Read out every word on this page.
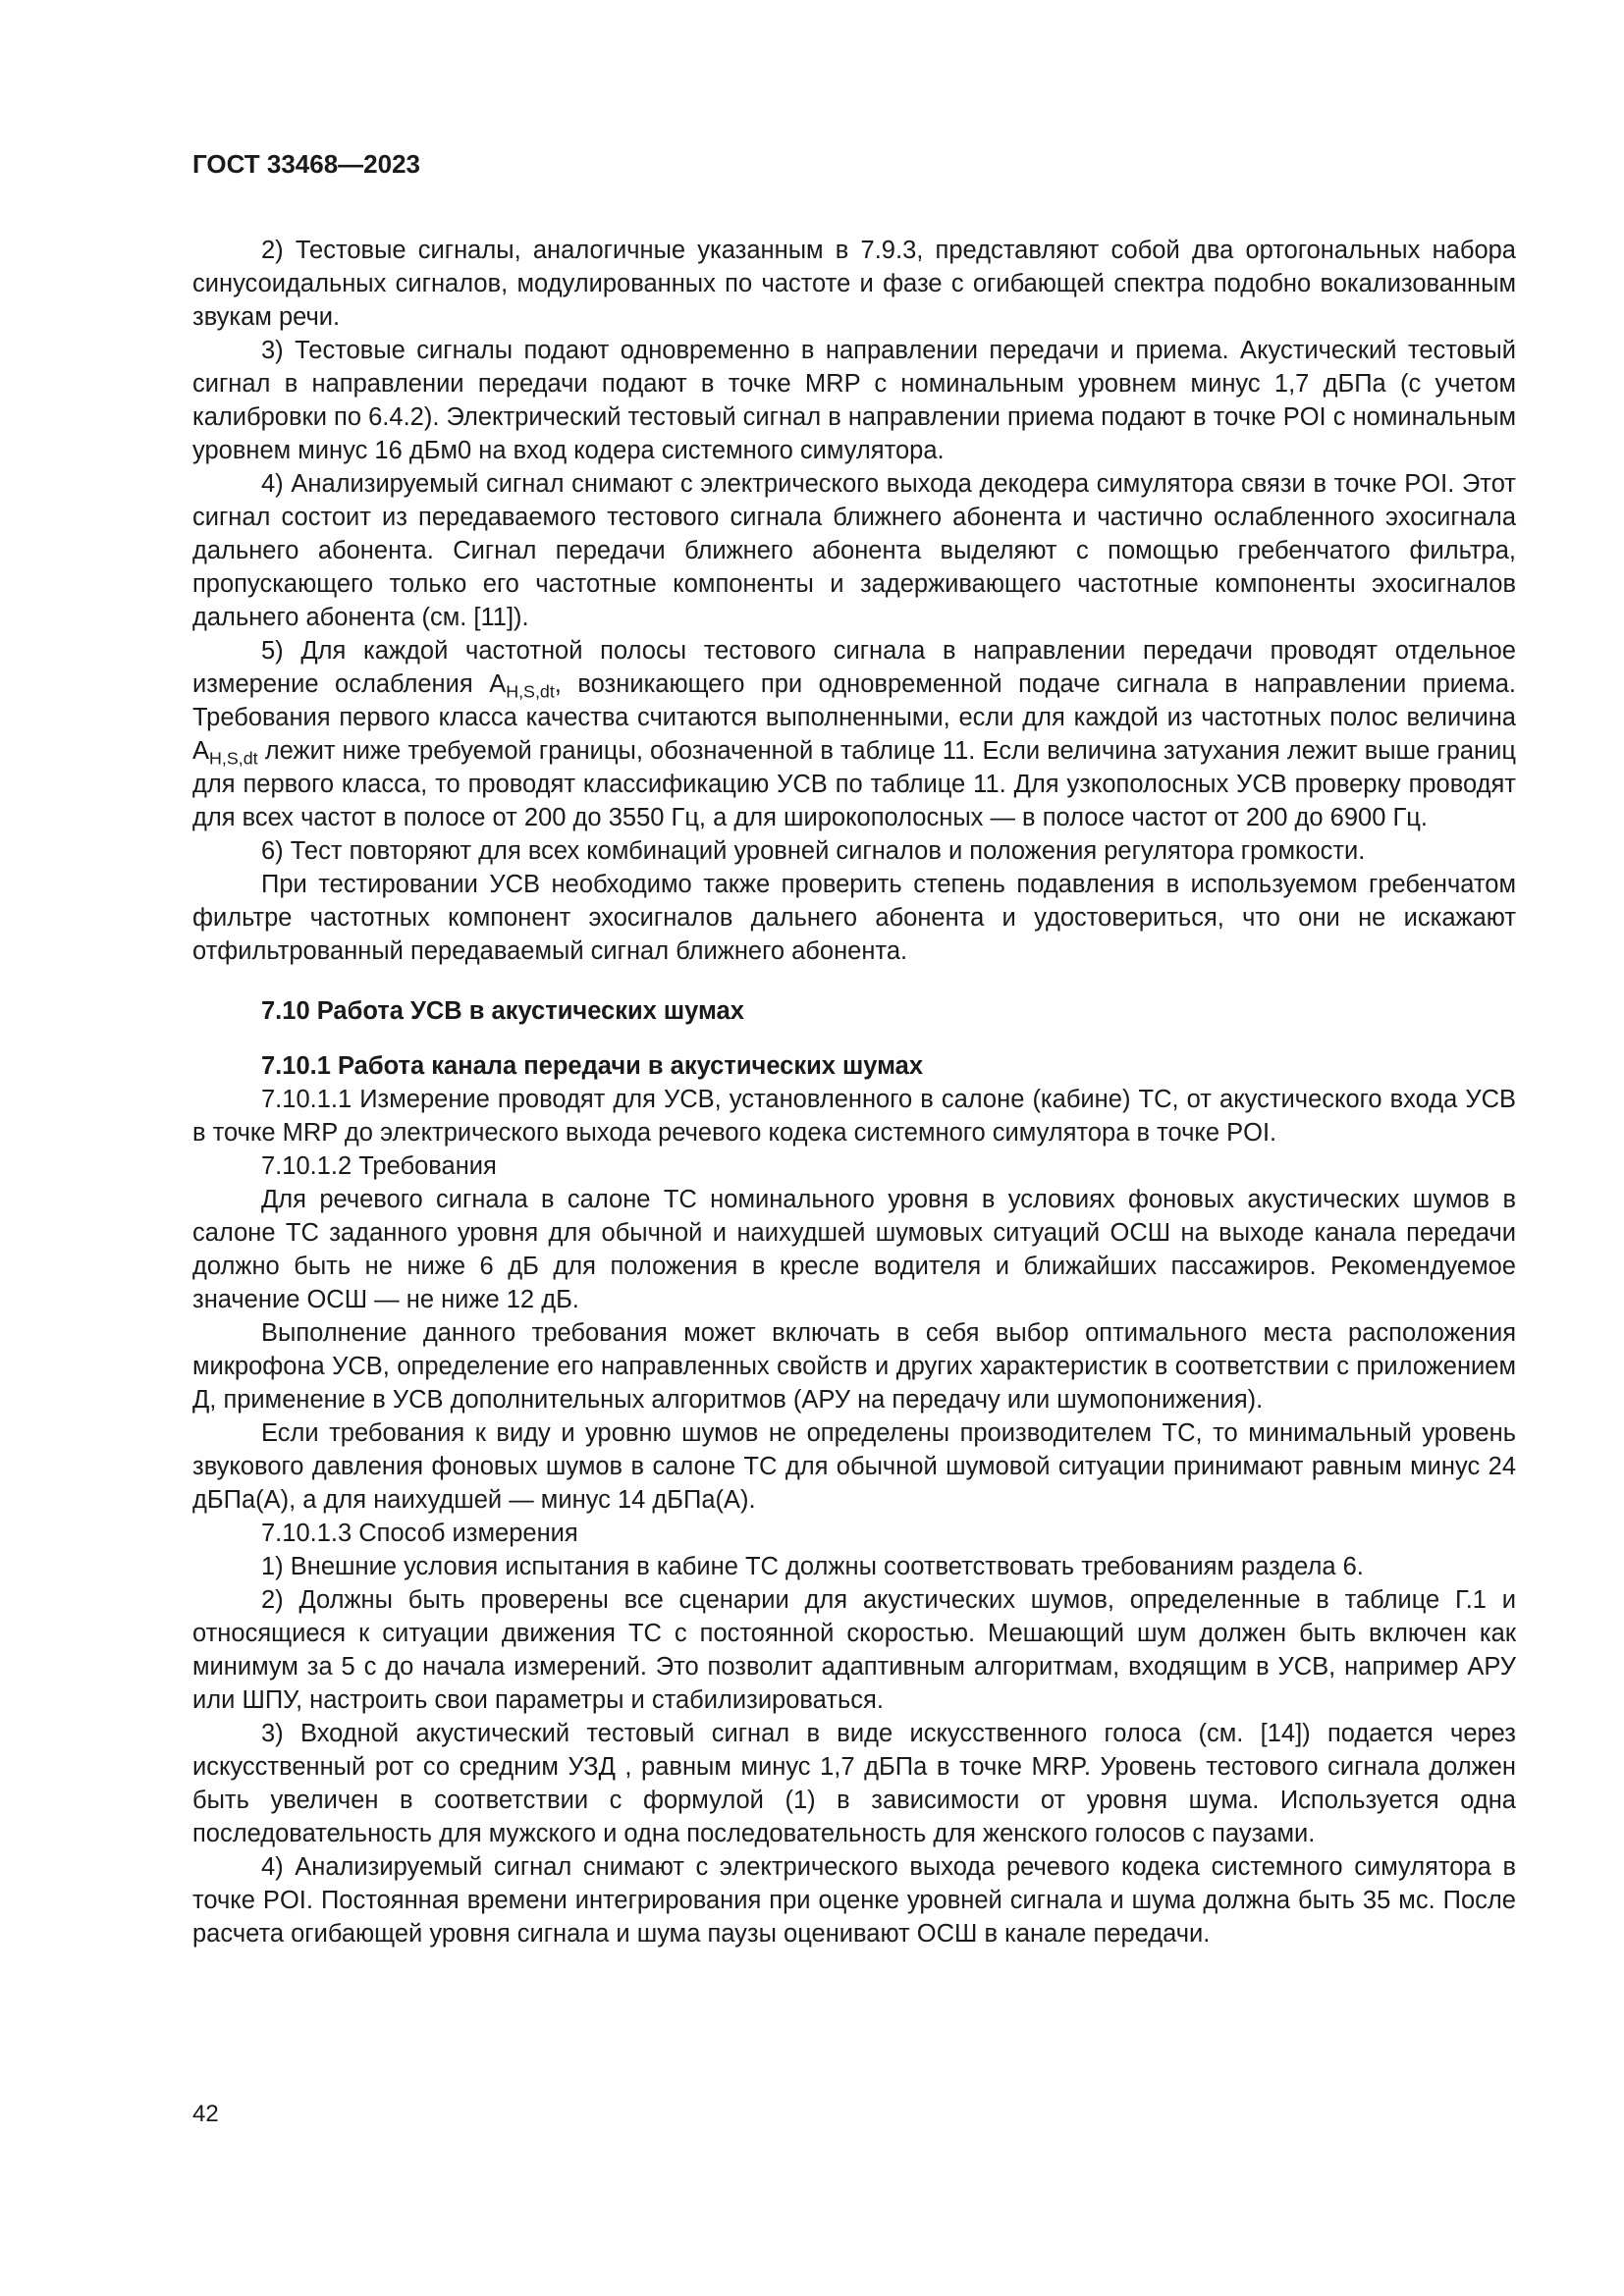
ГОСТ 33468—2023

2) Тестовые сигналы, аналогичные указанным в 7.9.3, представляют собой два ортогональных набора синусоидальных сигналов, модулированных по частоте и фазе с огибающей спектра подобно вокализованным звукам речи.

3) Тестовые сигналы подают одновременно в направлении передачи и приема. Акустический тестовый сигнал в направлении передачи подают в точке MRP с номинальным уровнем минус 1,7 дБПа (с учетом калибровки по 6.4.2). Электрический тестовый сигнал в направлении приема подают в точке POI с номинальным уровнем минус 16 дБм0 на вход кодера системного симулятора.

4) Анализируемый сигнал снимают с электрического выхода декодера симулятора связи в точке POI. Этот сигнал состоит из передаваемого тестового сигнала ближнего абонента и частично ослабленного эхосигнала дальнего абонента. Сигнал передачи ближнего абонента выделяют с помощью гребенчатого фильтра, пропускающего только его частотные компоненты и задерживающего частотные компоненты эхосигналов дальнего абонента (см. [11]).

5) Для каждой частотной полосы тестового сигнала в направлении передачи проводят отдельное измерение ослабления $A_{H,S,dt}$, возникающего при одновременной подаче сигнала в направлении приема. Требования первого класса качества считаются выполненными, если для каждой из частотных полос величина $A_{H,S,dt}$ лежит ниже требуемой границы, обозначенной в таблице 11. Если величина затухания лежит выше границ для первого класса, то проводят классификацию УСВ по таблице 11. Для узкополосных УСВ проверку проводят для всех частот в полосе от 200 до 3550 Гц, а для широкополосных — в полосе частот от 200 до 6900 Гц.

6) Тест повторяют для всех комбинаций уровней сигналов и положения регулятора громкости.

При тестировании УСВ необходимо также проверить степень подавления в используемом гребенчатом фильтре частотных компонент эхосигналов дальнего абонента и удостовериться, что они не искажают отфильтрованный передаваемый сигнал ближнего абонента.

7.10 Работа УСВ в акустических шумах
7.10.1 Работа канала передачи в акустических шумах

7.10.1.1 Измерение проводят для УСВ, установленного в салоне (кабине) ТС, от акустического входа УСВ в точке MRP до электрического выхода речевого кодека системного симулятора в точке POI.

7.10.1.2 Требования

Для речевого сигнала в салоне ТС номинального уровня в условиях фоновых акустических шумов в салоне ТС заданного уровня для обычной и наихудшей шумовых ситуаций ОСШ на выходе канала передачи должно быть не ниже 6 дБ для положения в кресле водителя и ближайших пассажиров. Рекомендуемое значение ОСШ — не ниже 12 дБ.

Выполнение данного требования может включать в себя выбор оптимального места расположения микрофона УСВ, определение его направленных свойств и других характеристик в соответствии с приложением Д, применение в УСВ дополнительных алгоритмов (АРУ на передачу или шумопонижения).

Если требования к виду и уровню шумов не определены производителем ТС, то минимальный уровень звукового давления фоновых шумов в салоне ТС для обычной шумовой ситуации принимают равным минус 24 дБПа(А), а для наихудшей — минус 14 дБПа(А).

7.10.1.3 Способ измерения

1) Внешние условия испытания в кабине ТС должны соответствовать требованиям раздела 6.

2) Должны быть проверены все сценарии для акустических шумов, определенные в таблице Г.1 и относящиеся к ситуации движения ТС с постоянной скоростью. Мешающий шум должен быть включен как минимум за 5 с до начала измерений. Это позволит адаптивным алгоритмам, входящим в УСВ, например АРУ или ШПУ, настроить свои параметры и стабилизироваться.

3) Входной акустический тестовый сигнал в виде искусственного голоса (см. [14]) подается через искусственный рот со средним УЗД , равным минус 1,7 дБПа в точке MRP. Уровень тестового сигнала должен быть увеличен в соответствии с формулой (1) в зависимости от уровня шума. Используется одна последовательность для мужского и одна последовательность для женского голосов с паузами.

4) Анализируемый сигнал снимают с электрического выхода речевого кодека системного симулятора в точке POI. Постоянная времени интегрирования при оценке уровней сигнала и шума должна быть 35 мс. После расчета огибающей уровня сигнала и шума паузы оценивают ОСШ в канале передачи.

42
